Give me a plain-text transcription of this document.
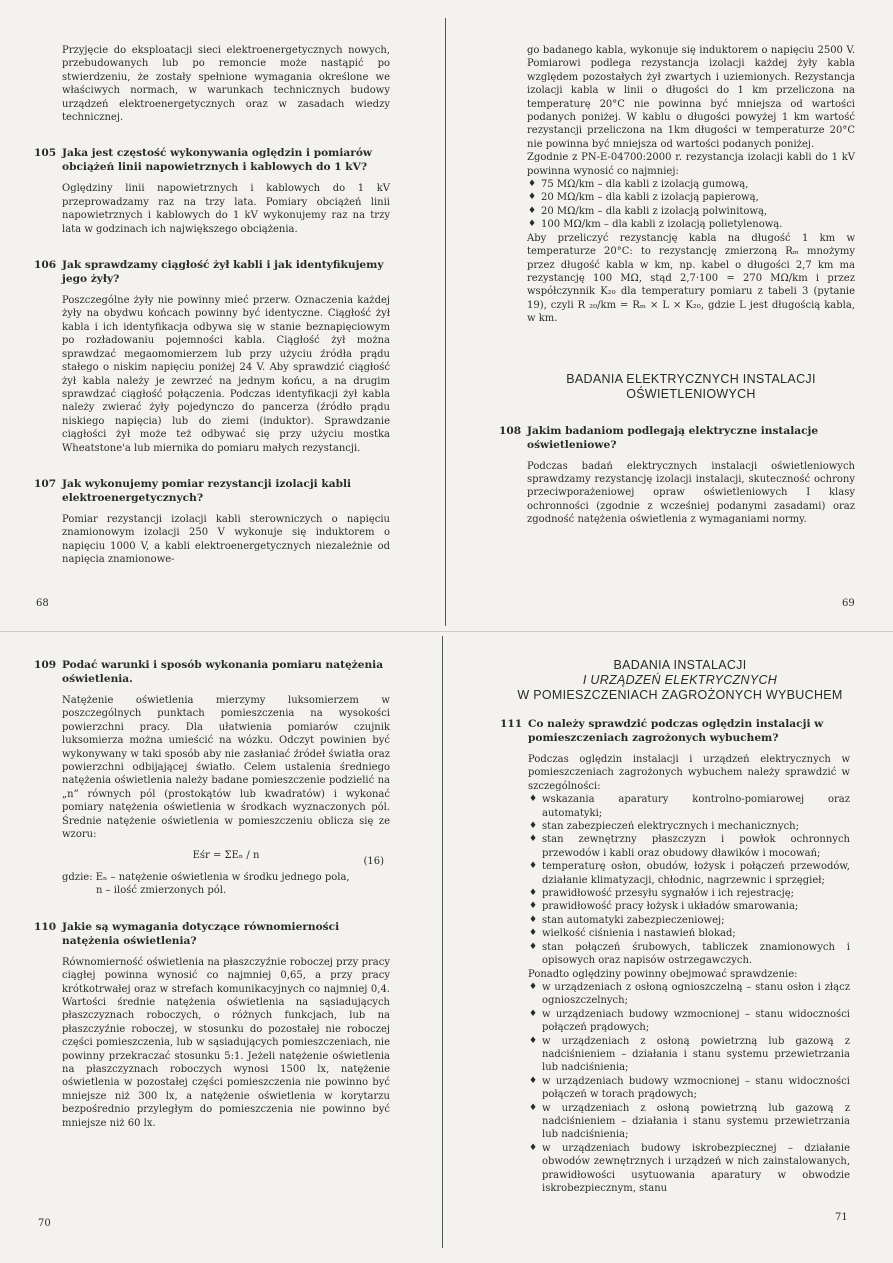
Przyjęcie do eksploatacji sieci elektroenergetycznych nowych, przebudowanych lub po remoncie może nastąpić po stwierdzeniu, że zostały spełnione wymagania określone we właściwych normach, w warunkach technicznych budowy urządzeń elektroenergetycznych oraz w zasadach wiedzy technicznej.

105 Jaka jest częstość wykonywania oględzin i pomiarów obciążeń linii napowietrznych i kablowych do 1 kV?

Oględziny linii napowietrznych i kablowych do 1 kV przeprowadzamy raz na trzy lata. Pomiary obciążeń linii napowietrznych i kablowych do 1 kV wykonujemy raz na trzy lata w godzinach ich największego obciążenia.

106 Jak sprawdzamy ciągłość żył kabli i jak identyfikujemy jego żyły?

Poszczególne żyły nie powinny mieć przerw. Oznaczenia każdej żyły na obydwu końcach powinny być identyczne. Ciągłość żył kabla i ich identyfikacja odbywa się w stanie beznapięciowym po rozładowaniu pojemności kabla. Ciągłość żył można sprawdzać megaomomierzem lub przy użyciu źródła prądu stałego o niskim napięciu poniżej 24 V. Aby sprawdzić ciągłość żył kabla należy je zewrzeć na jednym końcu, a na drugim sprawdzać ciągłość połączenia. Podczas identyfikacji żył kabla należy zwierać żyły pojedynczo do pancerza (źródło prądu niskiego napięcia) lub do ziemi (induktor). Sprawdzanie ciągłości żył może też odbywać się przy użyciu mostka Wheatstone'a lub miernika do pomiaru małych rezystancji.

107 Jak wykonujemy pomiar rezystancji izolacji kabli elektroenergetycznych?

Pomiar rezystancji izolacji kabli sterowniczych o napięciu znamionowym izolacji 250 V wykonuje się induktorem o napięciu 1000 V, a kabli elektroenergetycznych niezależnie od napięcia znamionowe-

68

go badanego kabla, wykonuje się induktorem o napięciu 2500 V. Pomiarowi podlega rezystancja izolacji każdej żyły kabla względem pozostałych żył zwartych i uziemionych. Rezystancja izolacji kabla w linii o długości do 1 km przeliczona na temperaturę 20°C nie powinna być mniejsza od wartości podanych poniżej. W kablu o długości powyżej 1 km wartość rezystancji przeliczona na 1km długości w temperaturze 20°C nie powinna być mniejsza od wartości podanych poniżej.

Zgodnie z PN-E-04700:2000 r. rezystancja izolacji kabli do 1 kV powinna wynosić co najmniej:

♦ 75 MΩ/km – dla kabli z izolacją gumową,
♦ 20 MΩ/km – dla kabli z izolacją papierową,
♦ 20 MΩ/km – dla kabli z izolacją polwinitową,
♦ 100 MΩ/km – dla kabli z izolacją polietylenową.

Aby przeliczyć rezystancję kabla na długość 1 km w temperaturze 20°C: to rezystancję zmierzoną Rₘ mnożymy przez długość kabla w km, np. kabel o długości 2,7 km ma rezystancję 100 MΩ, stąd 2,7·100 = 270 MΩ/km i przez współczynnik K₂₀ dla temperatury pomiaru z tabeli 3 (pytanie 19), czyli R ₂₀/km = Rₘ × L × K₂₀, gdzie L jest długością kabla, w km.

BADANIA ELEKTRYCZNYCH INSTALACJI

OŚWIETLENIOWYCH

108 Jakim badaniom podlegają elektryczne instalacje oświetleniowe?

Podczas badań elektrycznych instalacji oświetleniowych sprawdzamy rezystancję izolacji instalacji, skuteczność ochrony przeciwporażeniowej opraw oświetleniowych I klasy ochronności (zgodnie z wcześniej podanymi zasadami) oraz zgodność natężenia oświetlenia z wymaganiami normy.

69

109 Podać warunki i sposób wykonania pomiaru natężenia oświetlenia.

Natężenie oświetlenia mierzymy luksomierzem w poszczególnych punktach pomieszczenia na wysokości powierzchni pracy. Dla ułatwienia pomiarów czujnik luksomierza można umieścić na wózku. Odczyt powinien być wykonywany w taki sposób aby nie zasłaniać źródeł światła oraz powierzchni odbijającej światło. Celem ustalenia średniego natężenia oświetlenia należy badane pomieszczenie podzielić na „n” równych pól (prostokątów lub kwadratów) i wykonać pomiary natężenia oświetlenia w środkach wyznaczonych pól. Średnie natężenie oświetlenia w pomieszczeniu oblicza się ze wzoru:

Eśr = ΣEₙ / n
(16)

gdzie: Eₙ – natężenie oświetlenia w środku jednego pola,

n – ilość zmierzonych pól.

110 Jakie są wymagania dotyczące równomierności natężenia oświetlenia?

Równomierność oświetlenia na płaszczyźnie roboczej przy pracy ciągłej powinna wynosić co najmniej 0,65, a przy pracy krótkotrwałej oraz w strefach komunikacyjnych co najmniej 0,4. Wartości średnie natężenia oświetlenia na sąsiadujących płaszczyznach roboczych, o różnych funkcjach, lub na płaszczyźnie roboczej, w stosunku do pozostałej nie roboczej części pomieszczenia, lub w sąsiadujących pomieszczeniach, nie powinny przekraczać stosunku 5:1. Jeżeli natężenie oświetlenia na płaszczyznach roboczych wynosi 1500 lx, natężenie oświetlenia w pozostałej części pomieszczenia nie powinno być mniejsze niż 300 lx, a natężenie oświetlenia w korytarzu bezpośrednio przyległym do pomieszczenia nie powinno być mniejsze niż 60 lx.

70

BADANIA INSTALACJI

I URZĄDZEŃ ELEKTRYCZNYCH

W POMIESZCZENIACH ZAGROŻONYCH WYBUCHEM

111 Co należy sprawdzić podczas oględzin instalacji w pomieszczeniach zagrożonych wybuchem?

Podczas oględzin instalacji i urządzeń elektrycznych w pomieszczeniach zagrożonych wybuchem należy sprawdzić w szczególności:

♦ wskazania aparatury kontrolno-pomiarowej oraz automatyki;
♦ stan zabezpieczeń elektrycznych i mechanicznych;
♦ stan zewnętrzny płaszczyzn i powłok ochronnych przewodów i kabli oraz obudowy dławików i mocowań;
♦ temperaturę osłon, obudów, łożysk i połączeń przewodów, działanie klimatyzacji, chłodnic, nagrzewnic i sprzęgieł;
♦ prawidłowość przesyłu sygnałów i ich rejestrację;
♦ prawidłowość pracy łożysk i układów smarowania;
♦ stan automatyki zabezpieczeniowej;
♦ wielkość ciśnienia i nastawień blokad;
♦ stan połączeń śrubowych, tabliczek znamionowych i opisowych oraz napisów ostrzegawczych.

Ponadto oględziny powinny obejmować sprawdzenie:

♦ w urządzeniach z osłoną ognioszczelną – stanu osłon i złącz ognioszczelnych;
♦ w urządzeniach budowy wzmocnionej – stanu widoczności połączeń prądowych;
♦ w urządzeniach z osłoną powietrzną lub gazową z nadciśnieniem – działania i stanu systemu przewietrzania lub nadciśnienia;
♦ w urządzeniach budowy wzmocnionej – stanu widoczności połączeń w torach prądowych;
♦ w urządzeniach z osłoną powietrzną lub gazową z nadciśnieniem – działania i stanu systemu przewietrzania lub nadciśnienia;
♦ w urządzeniach budowy iskrobezpiecznej – działanie obwodów zewnętrznych i urządzeń w nich zainstalowanych, prawidłowości usytuowania aparatury w obwodzie iskrobezpiecznym, stanu
71
